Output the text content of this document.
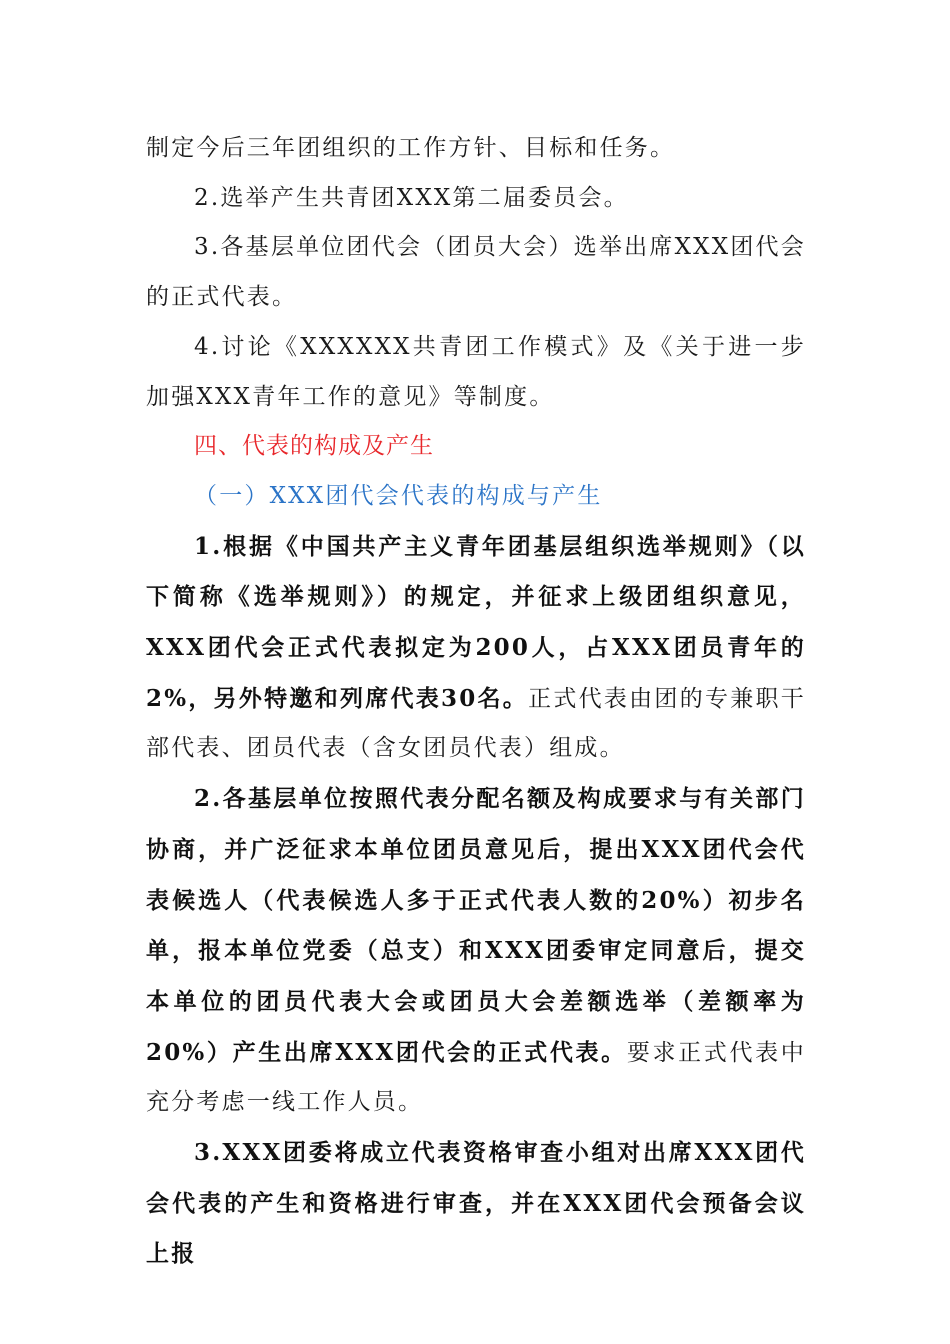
制定今后三年团组织的工作方针、目标和任务。

2.选举产生共青团XXX第二届委员会。

3.各基层单位团代会（团员大会）选举出席XXX团代会的正式代表。

4.讨论《XXXXXX共青团工作模式》及《关于进一步加强XXX青年工作的意见》等制度。

四、代表的构成及产生

（一）XXX团代会代表的构成与产生

1.根据《中国共产主义青年团基层组织选举规则》（以下简称《选举规则》）的规定，并征求上级团组织意见，XXX团代会正式代表拟定为200人，占XXX团员青年的2%，另外特邀和列席代表30名。正式代表由团的专兼职干部代表、团员代表（含女团员代表）组成。

2.各基层单位按照代表分配名额及构成要求与有关部门协商，并广泛征求本单位团员意见后，提出XXX团代会代表候选人（代表候选人多于正式代表人数的20%）初步名单，报本单位党委（总支）和XXX团委审定同意后，提交本单位的团员代表大会或团员大会差额选举（差额率为20%）产生出席XXX团代会的正式代表。要求正式代表中充分考虑一线工作人员。

3.XXX团委将成立代表资格审查小组对出席XXX团代会代表的产生和资格进行审查，并在XXX团代会预备会议上报
